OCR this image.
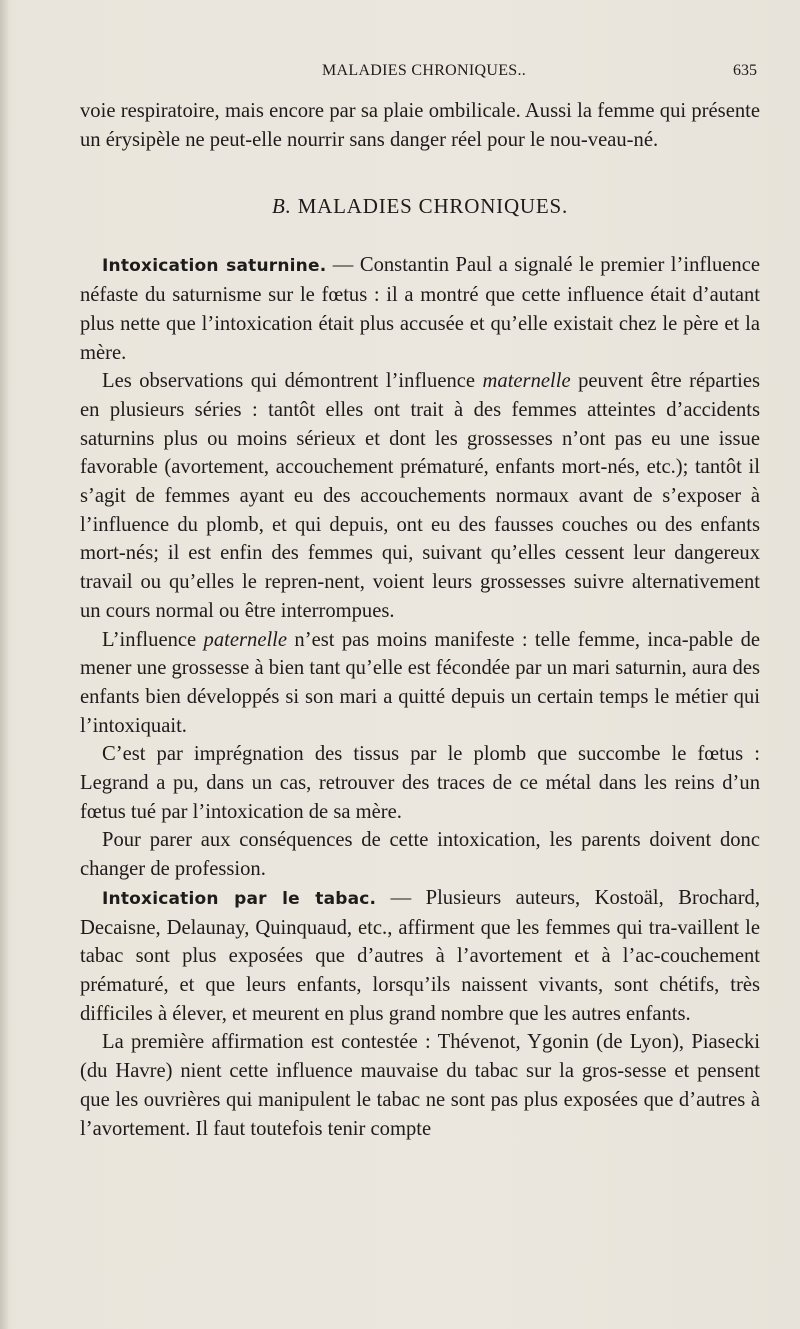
MALADIES CHRONIQUES..	635

voie respiratoire, mais encore par sa plaie ombilicale. Aussi la femme qui présente un érysipèle ne peut-elle nourrir sans danger réel pour le nou-veau-né.

B. MALADIES CHRONIQUES.

Intoxication saturnine. — Constantin Paul a signalé le premier l’influence néfaste du saturnisme sur le fœtus : il a montré que cette influence était d’autant plus nette que l’intoxication était plus accusée et qu’elle existait chez le père et la mère.

Les observations qui démontrent l’influence maternelle peuvent être réparties en plusieurs séries : tantôt elles ont trait à des femmes atteintes d’accidents saturnins plus ou moins sérieux et dont les grossesses n’ont pas eu une issue favorable (avortement, accouchement prématuré, enfants mort-nés, etc.); tantôt il s’agit de femmes ayant eu des accouchements normaux avant de s’exposer à l’influence du plomb, et qui depuis, ont eu des fausses couches ou des enfants mort-nés; il est enfin des femmes qui, suivant qu’elles cessent leur dangereux travail ou qu’elles le repren-nent, voient leurs grossesses suivre alternativement un cours normal ou être interrompues.

L’influence paternelle n’est pas moins manifeste : telle femme, inca-pable de mener une grossesse à bien tant qu’elle est fécondée par un mari saturnin, aura des enfants bien développés si son mari a quitté depuis un certain temps le métier qui l’intoxiquait.

C’est par imprégnation des tissus par le plomb que succombe le fœtus : Legrand a pu, dans un cas, retrouver des traces de ce métal dans les reins d’un fœtus tué par l’intoxication de sa mère.

Pour parer aux conséquences de cette intoxication, les parents doivent donc changer de profession.

Intoxication par le tabac. — Plusieurs auteurs, Kostoäl, Brochard, Decaisne, Delaunay, Quinquaud, etc., affirment que les femmes qui tra-vaillent le tabac sont plus exposées que d’autres à l’avortement et à l’ac-couchement prématuré, et que leurs enfants, lorsqu’ils naissent vivants, sont chétifs, très difficiles à élever, et meurent en plus grand nombre que les autres enfants.

La première affirmation est contestée : Thévenot, Ygonin (de Lyon), Piasecki (du Havre) nient cette influence mauvaise du tabac sur la gros-sesse et pensent que les ouvrières qui manipulent le tabac ne sont pas plus exposées que d’autres à l’avortement. Il faut toutefois tenir compte
